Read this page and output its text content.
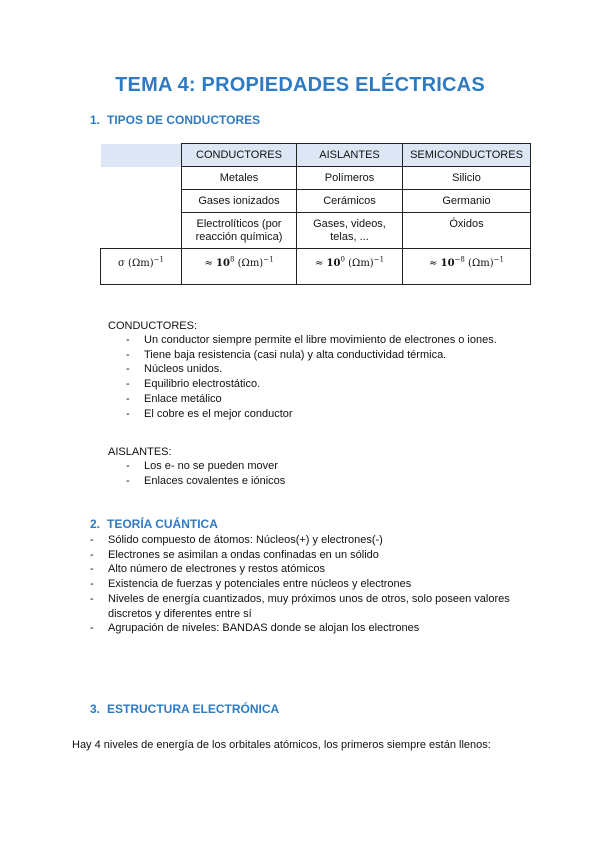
TEMA 4: PROPIEDADES ELÉCTRICAS
1. TIPOS DE CONDUCTORES
	CONDUCTORES	AISLANTES	SEMICONDUCTORES
	Metales	Polímeros	Silicio
	Gases ionizados	Cerámicos	Germanio
	Electrolíticos (por reacción química)	Gases, videos, telas, ...	Óxidos
σ $(\Omega m)^{-1}$	≈ $10^8$ $(\Omega m)^{-1}$	≈ $10^0$ $(\Omega m)^{-1}$	≈ $10^{-8}$ $(\Omega m)^{-1}$
CONDUCTORES:
- Un conductor siempre permite el libre movimiento de electrones o iones.
- Tiene baja resistencia (casi nula) y alta conductividad térmica.
- Núcleos unidos.
- Equilibrio electrostático.
- Enlace metálico
- El cobre es el mejor conductor
AISLANTES:
- Los e- no se pueden mover
- Enlaces covalentes e iónicos
2. TEORÍA CUÁNTICA
- Sólido compuesto de átomos: Núcleos(+) y electrones(-)
- Electrones se asimilan a ondas confinadas en un sólido
- Alto número de electrones y restos atómicos
- Existencia de fuerzas y potenciales entre núcleos y electrones
- Niveles de energía cuantizados, muy próximos unos de otros, solo poseen valores discretos y diferentes entre sí
- Agrupación de niveles: BANDAS donde se alojan los electrones
3. ESTRUCTURA ELECTRÓNICA
Hay 4 niveles de energía de los orbitales atómicos, los primeros siempre están llenos:
